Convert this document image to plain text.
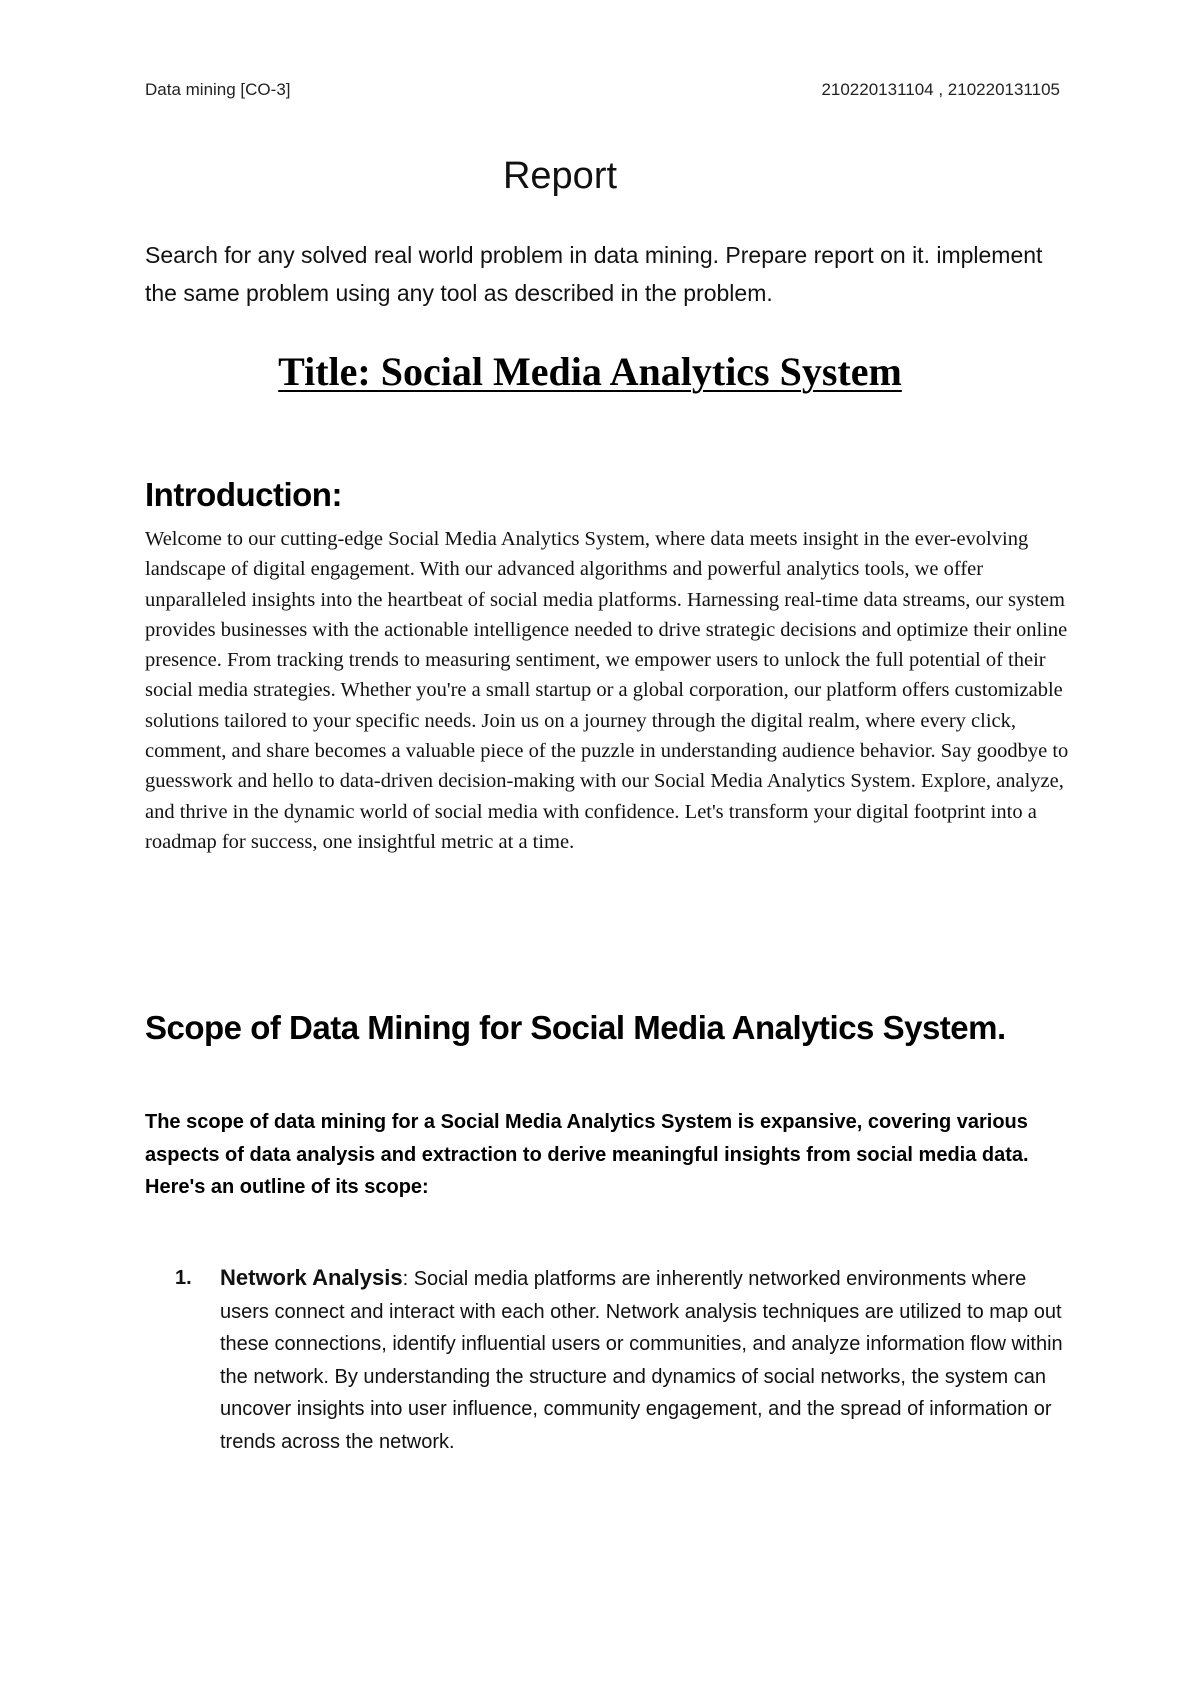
Data mining [CO-3]	210220131104 , 210220131105
Report
Search for any solved real world problem in data mining. Prepare report on it. implement the same problem using any tool as described in the problem.
Title: Social Media Analytics System
Introduction:
Welcome to our cutting-edge Social Media Analytics System, where data meets insight in the ever-evolving landscape of digital engagement. With our advanced algorithms and powerful analytics tools, we offer unparalleled insights into the heartbeat of social media platforms. Harnessing real-time data streams, our system provides businesses with the actionable intelligence needed to drive strategic decisions and optimize their online presence. From tracking trends to measuring sentiment, we empower users to unlock the full potential of their social media strategies. Whether you're a small startup or a global corporation, our platform offers customizable solutions tailored to your specific needs. Join us on a journey through the digital realm, where every click, comment, and share becomes a valuable piece of the puzzle in understanding audience behavior. Say goodbye to guesswork and hello to data-driven decision-making with our Social Media Analytics System. Explore, analyze, and thrive in the dynamic world of social media with confidence. Let's transform your digital footprint into a roadmap for success, one insightful metric at a time.
Scope of Data Mining for Social Media Analytics System.
The scope of data mining for a Social Media Analytics System is expansive, covering various aspects of data analysis and extraction to derive meaningful insights from social media data. Here's an outline of its scope:
1. Network Analysis: Social media platforms are inherently networked environments where users connect and interact with each other. Network analysis techniques are utilized to map out these connections, identify influential users or communities, and analyze information flow within the network. By understanding the structure and dynamics of social networks, the system can uncover insights into user influence, community engagement, and the spread of information or trends across the network.
